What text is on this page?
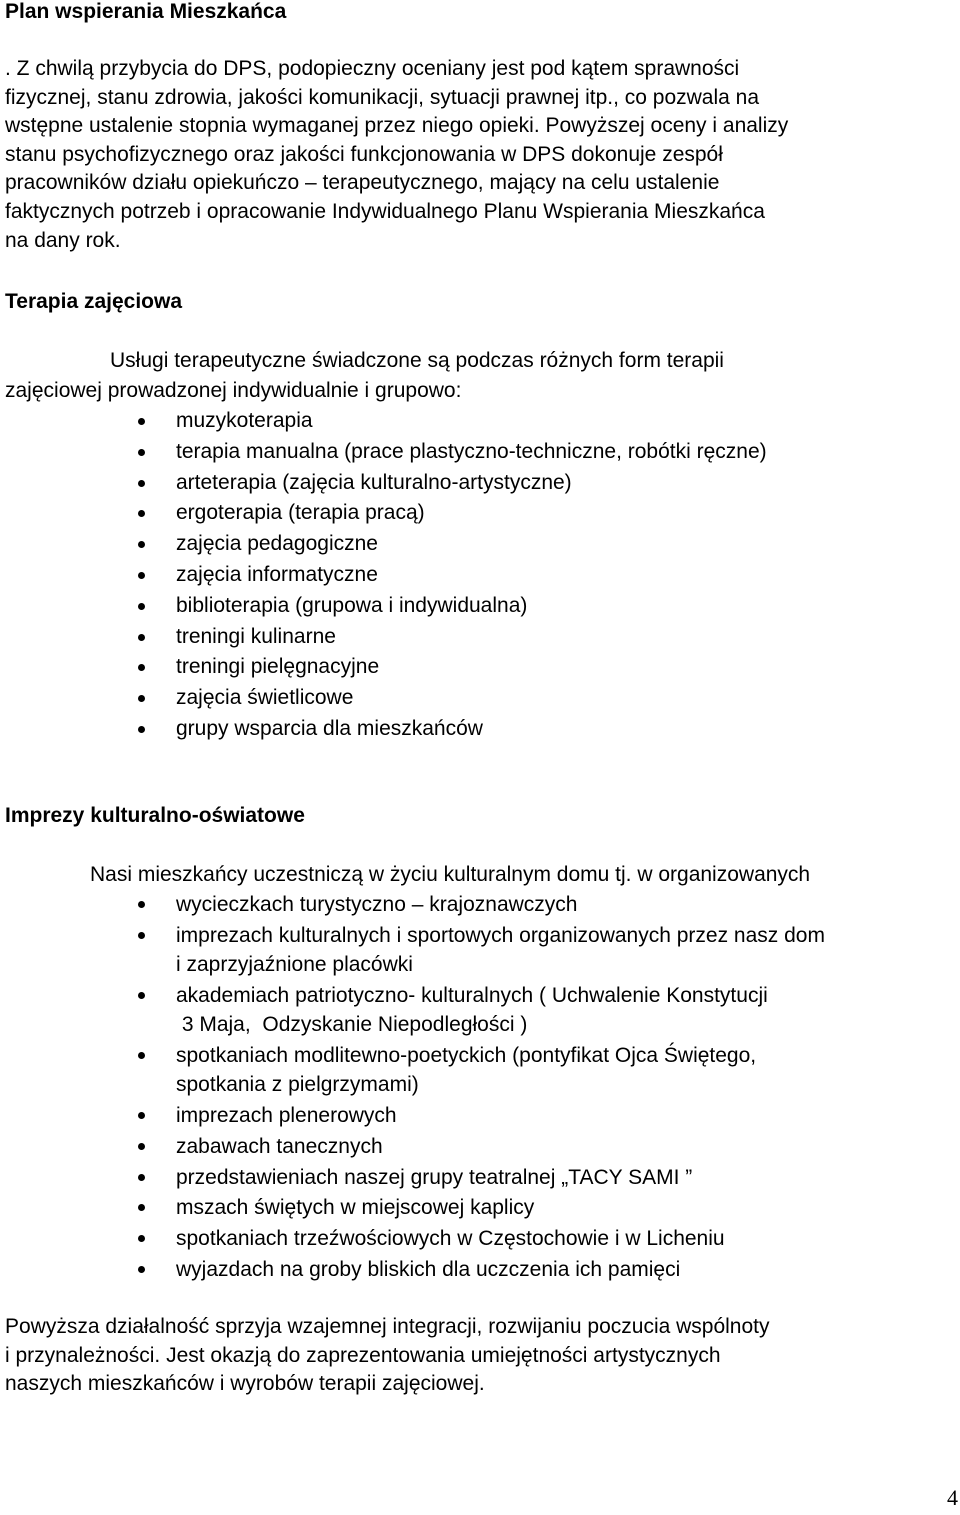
Plan wspierania Mieszkańca
. Z chwilą przybycia do DPS, podopieczny oceniany jest pod kątem sprawności
fizycznej, stanu zdrowia, jakości komunikacji, sytuacji prawnej itp., co pozwala na
wstępne ustalenie stopnia wymaganej przez niego opieki. Powyższej oceny i analizy
stanu psychofizycznego oraz jakości funkcjonowania w DPS dokonuje zespół
pracowników działu opiekuńczo – terapeutycznego, mający na celu ustalenie
faktycznych potrzeb i opracowanie Indywidualnego Planu Wspierania Mieszkańca
na dany rok.
Terapia zajęciowa
Usługi terapeutyczne świadczone są podczas różnych form terapii
zajęciowej prowadzonej indywidualnie i grupowo:
muzykoterapia
terapia manualna (prace plastyczno-techniczne, robótki ręczne)
arteterapia (zajęcia kulturalno-artystyczne)
ergoterapia (terapia pracą)
zajęcia pedagogiczne
zajęcia informatyczne
biblioterapia (grupowa i indywidualna)
treningi kulinarne
treningi pielęgnacyjne
zajęcia świetlicowe
grupy wsparcia dla mieszkańców
Imprezy kulturalno-oświatowe
Nasi mieszkańcy uczestniczą w życiu kulturalnym domu tj. w organizowanych
wycieczkach turystyczno – krajoznawczych
imprezach kulturalnych i sportowych organizowanych przez nasz dom
i zaprzyjaźnione placówki
akademiach patriotyczno- kulturalnych ( Uchwalenie Konstytucji
3 Maja,  Odzyskanie Niepodległości )
spotkaniach modlitewno-poetyckich (pontyfikat Ojca Świętego,
spotkania z pielgrzymami)
imprezach plenerowych
zabawach tanecznych
przedstawieniach naszej grupy teatralnej „TACY SAMI ”
mszach świętych w miejscowej kaplicy
spotkaniach trzeźwościowych w Częstochowie i w Licheniu
wyjazdach na groby bliskich dla uczczenia ich pamięci
Powyższa działalność sprzyja wzajemnej integracji, rozwijaniu poczucia wspólnoty
i przynależności. Jest okazją do zaprezentowania umiejętności artystycznych
naszych mieszkańców i wyrobów terapii zajęciowej.
4
